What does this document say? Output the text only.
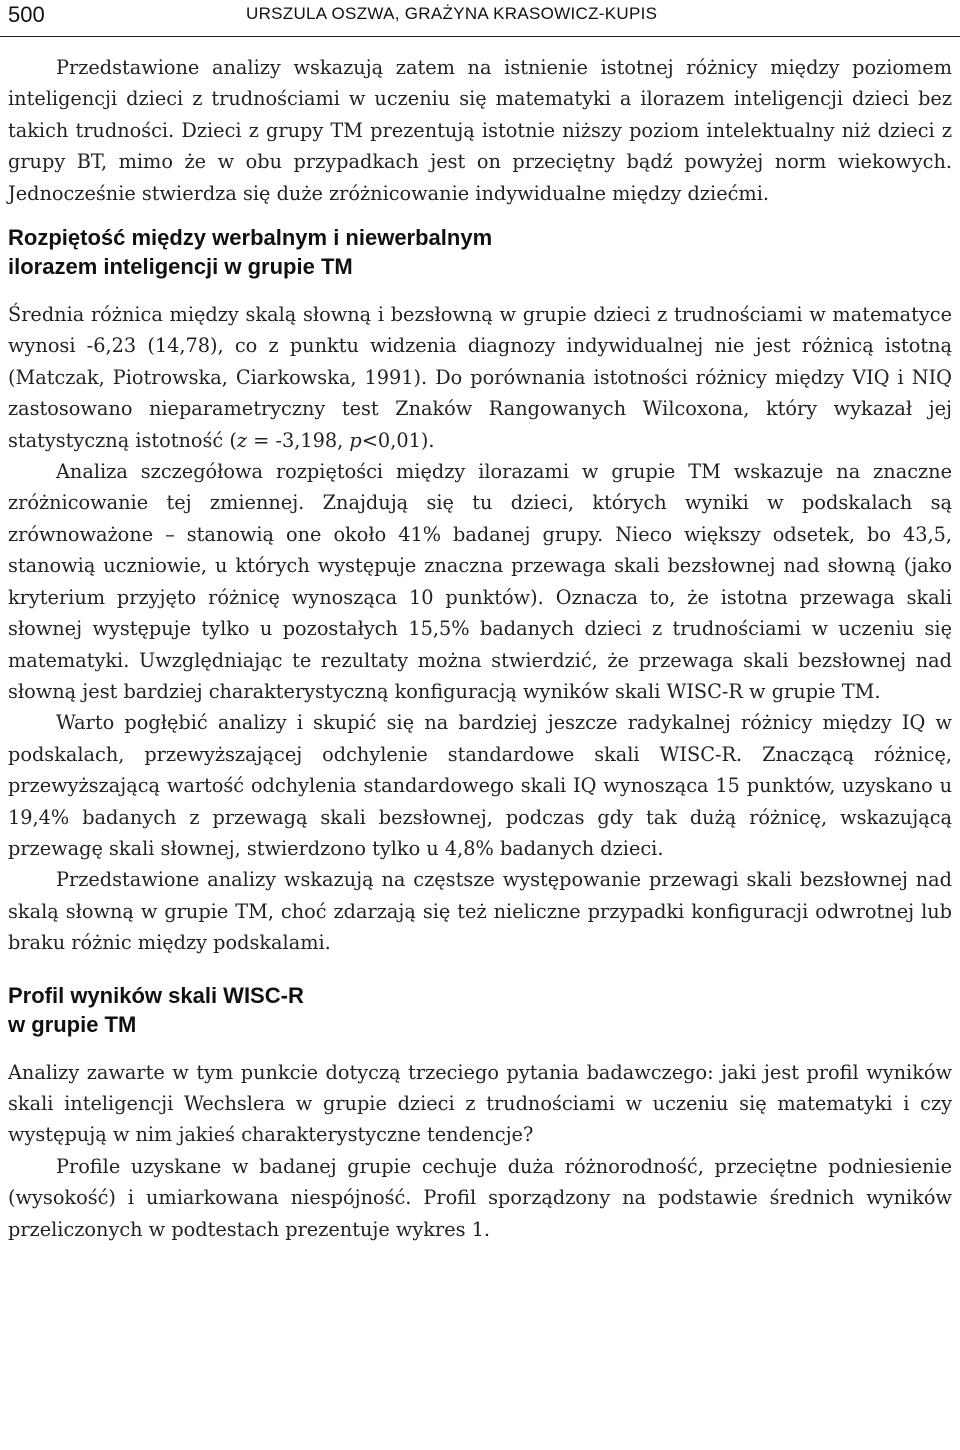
500	URSZULA OSZWA, GRAŻYNA KRASOWICZ-KUPIS

Przedstawione analizy wskazują zatem na istnienie istotnej różnicy między poziomem inteligencji dzieci z trudnościami w uczeniu się matematyki a ilorazem inteligencji dzieci bez takich trudności. Dzieci z grupy TM prezentują istotnie niższy poziom intelektualny niż dzieci z grupy BT, mimo że w obu przypadkach jest on przeciętny bądź powyżej norm wiekowych. Jednocześnie stwierdza się duże zróżnicowanie indywidualne między dziećmi.

Rozpiętość między werbalnym i niewerbalnym
ilorazem inteligencji w grupie TM

Średnia różnica między skalą słowną i bezsłowną w grupie dzieci z trudnościami w matematyce wynosi -6,23 (14,78), co z punktu widzenia diagnozy indywidualnej nie jest różnicą istotną (Matczak, Piotrowska, Ciarkowska, 1991). Do porównania istotności różnicy między VIQ i NIQ zastosowano nieparametryczny test Znaków Rangowanych Wilcoxona, który wykazał jej statystyczną istotność (z = -3,198, p<0,01).

Analiza szczegółowa rozpiętości między ilorazami w grupie TM wskazuje na znaczne zróżnicowanie tej zmiennej. Znajdują się tu dzieci, których wyniki w podskalach są zrównoważone – stanowią one około 41% badanej grupy. Nieco większy odsetek, bo 43,5, stanowią uczniowie, u których występuje znaczna przewaga skali bezsłownej nad słowną (jako kryterium przyjęto różnicę wynosząca 10 punktów). Oznacza to, że istotna przewaga skali słownej występuje tylko u pozostałych 15,5% badanych dzieci z trudnościami w uczeniu się matematyki. Uwzględniając te rezultaty można stwierdzić, że przewaga skali bezsłownej nad słowną jest bardziej charakterystyczną konfiguracją wyników skali WISC-R w grupie TM.

Warto pogłębić analizy i skupić się na bardziej jeszcze radykalnej różnicy między IQ w podskalach, przewyższającej odchylenie standardowe skali WISC-R. Znaczącą różnicę, przewyższającą wartość odchylenia standardowego skali IQ wynosząca 15 punktów, uzyskano u 19,4% badanych z przewagą skali bezsłownej, podczas gdy tak dużą różnicę, wskazującą przewagę skali słownej, stwierdzono tylko u 4,8% badanych dzieci.

Przedstawione analizy wskazują na częstsze występowanie przewagi skali bezsłownej nad skalą słowną w grupie TM, choć zdarzają się też nieliczne przypadki konfiguracji odwrotnej lub braku różnic między podskalami.

Profil wyników skali WISC-R
w grupie TM

Analizy zawarte w tym punkcie dotyczą trzeciego pytania badawczego: jaki jest profil wyników skali inteligencji Wechslera w grupie dzieci z trudnościami w uczeniu się matematyki i czy występują w nim jakieś charakterystyczne tendencje?

Profile uzyskane w badanej grupie cechuje duża różnorodność, przeciętne podniesienie (wysokość) i umiarkowana niespójność. Profil sporządzony na podstawie średnich wyników przeliczonych w podtestach prezentuje wykres 1.
